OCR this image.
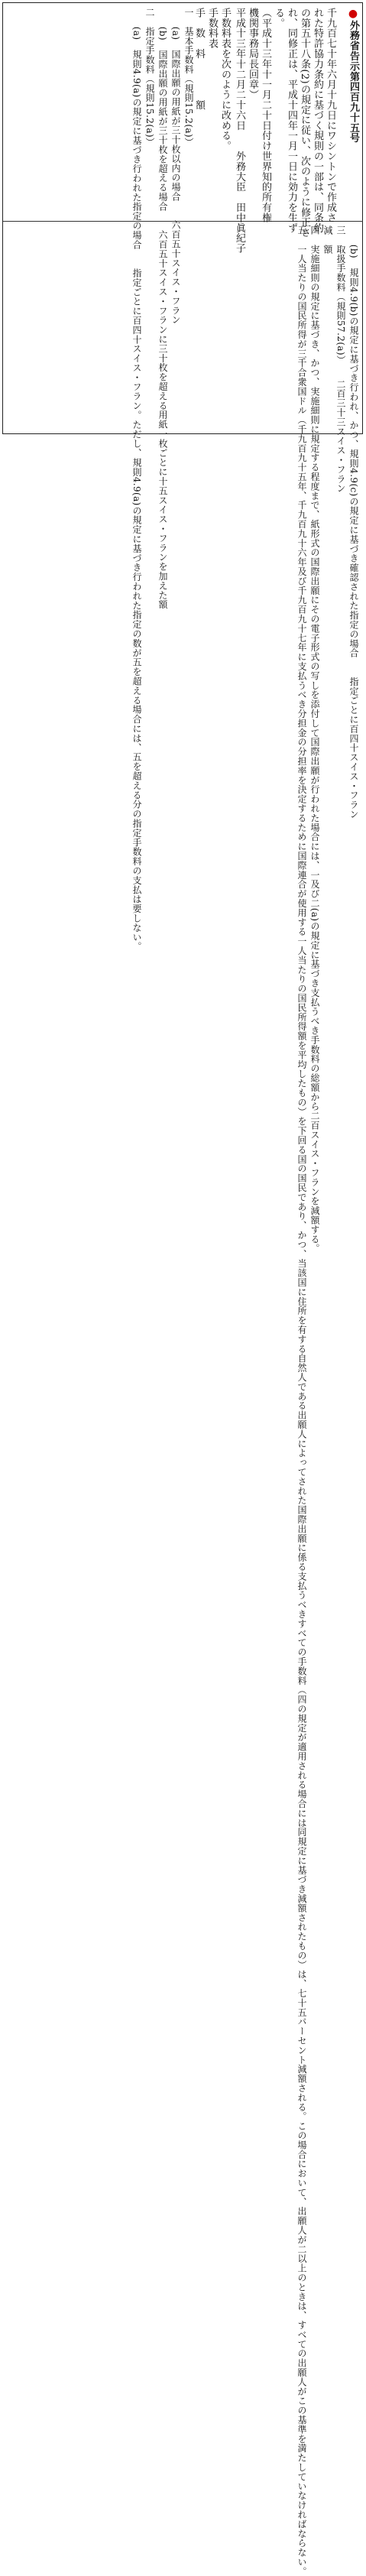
●外務省告示第四百九十五号
千九百七十年六月十九日にワシントンで作成さ
れた特許協力条約に基づく規則の一部は、同条約
の第五十八条(2)の規定に従い、次のように修正さ
れ、同修正は、平成十四年一月一日に効力を生ず
る。
（平成十三年十一月二十日付け世界知的所有権
機関事務局長回章）
平成十三年十二月二十六日　　外務大臣　田中眞紀子
手数料表を次のように改める。
手数料表
手　数　料　　　　額
一　基本手数料（規則15.2(a)）
　　(a)　国際出願の用紙が三十枚以内の場合　　六百五十スイス・フラン
　　(b)　国際出願の用紙が三十枚を超える場合　　六百五十スイス・フランに三十枚を超える用紙一枚ごとに十五スイス・フランを加えた額
二　指定手数料（規則15.2(a)）
　　(a)　規則4.9(a)の規定に基づき行われた指定の場合　　指定ごとに百四十スイス・フラン。ただし、規則4.9(a)の規定に基づき行われた指定の数が五を超える場合には、五を超える分の指定手数料の支払は要しない。	　　(b)　規則4.9(b)の規定に基づき行われ、かつ、規則4.9(c)の規定に基づき確認された指定の場合　　指定ごとに百四十スイス・フラン
三　取扱手数料（規則57.2(a)）　　二百三十三スイス・フラン
減　額
四　実施細則の規定に基づき、かつ、実施細則に規定する程度まで、紙形式の国際出願にその電子形式の写しを添付して国際出願が行われた場合には、一及び二(a)の規定に基づき支払うべき手数料の総額から二百スイス・フランを減額する。
五　一人当たりの国民所得が三千合衆国ドル（千九百九十五年、千九百九十六年及び千九百九十七年に支払うべき分担金の分担率を決定するために国際連合が使用する一人当たりの国民所得額を平均したもの）を下回る国の国民であり、かつ、当該国に住所を有する自然人である出願人によってされた国際出願に係る支払うべきすべての手数料（四の規定が適用される場合には同規定に基づき減額されたもの）は、七十五パーセント減額される。この場合において、出願人が二以上のときは、すべての出願人がこの基準を満たしていなければならない。
